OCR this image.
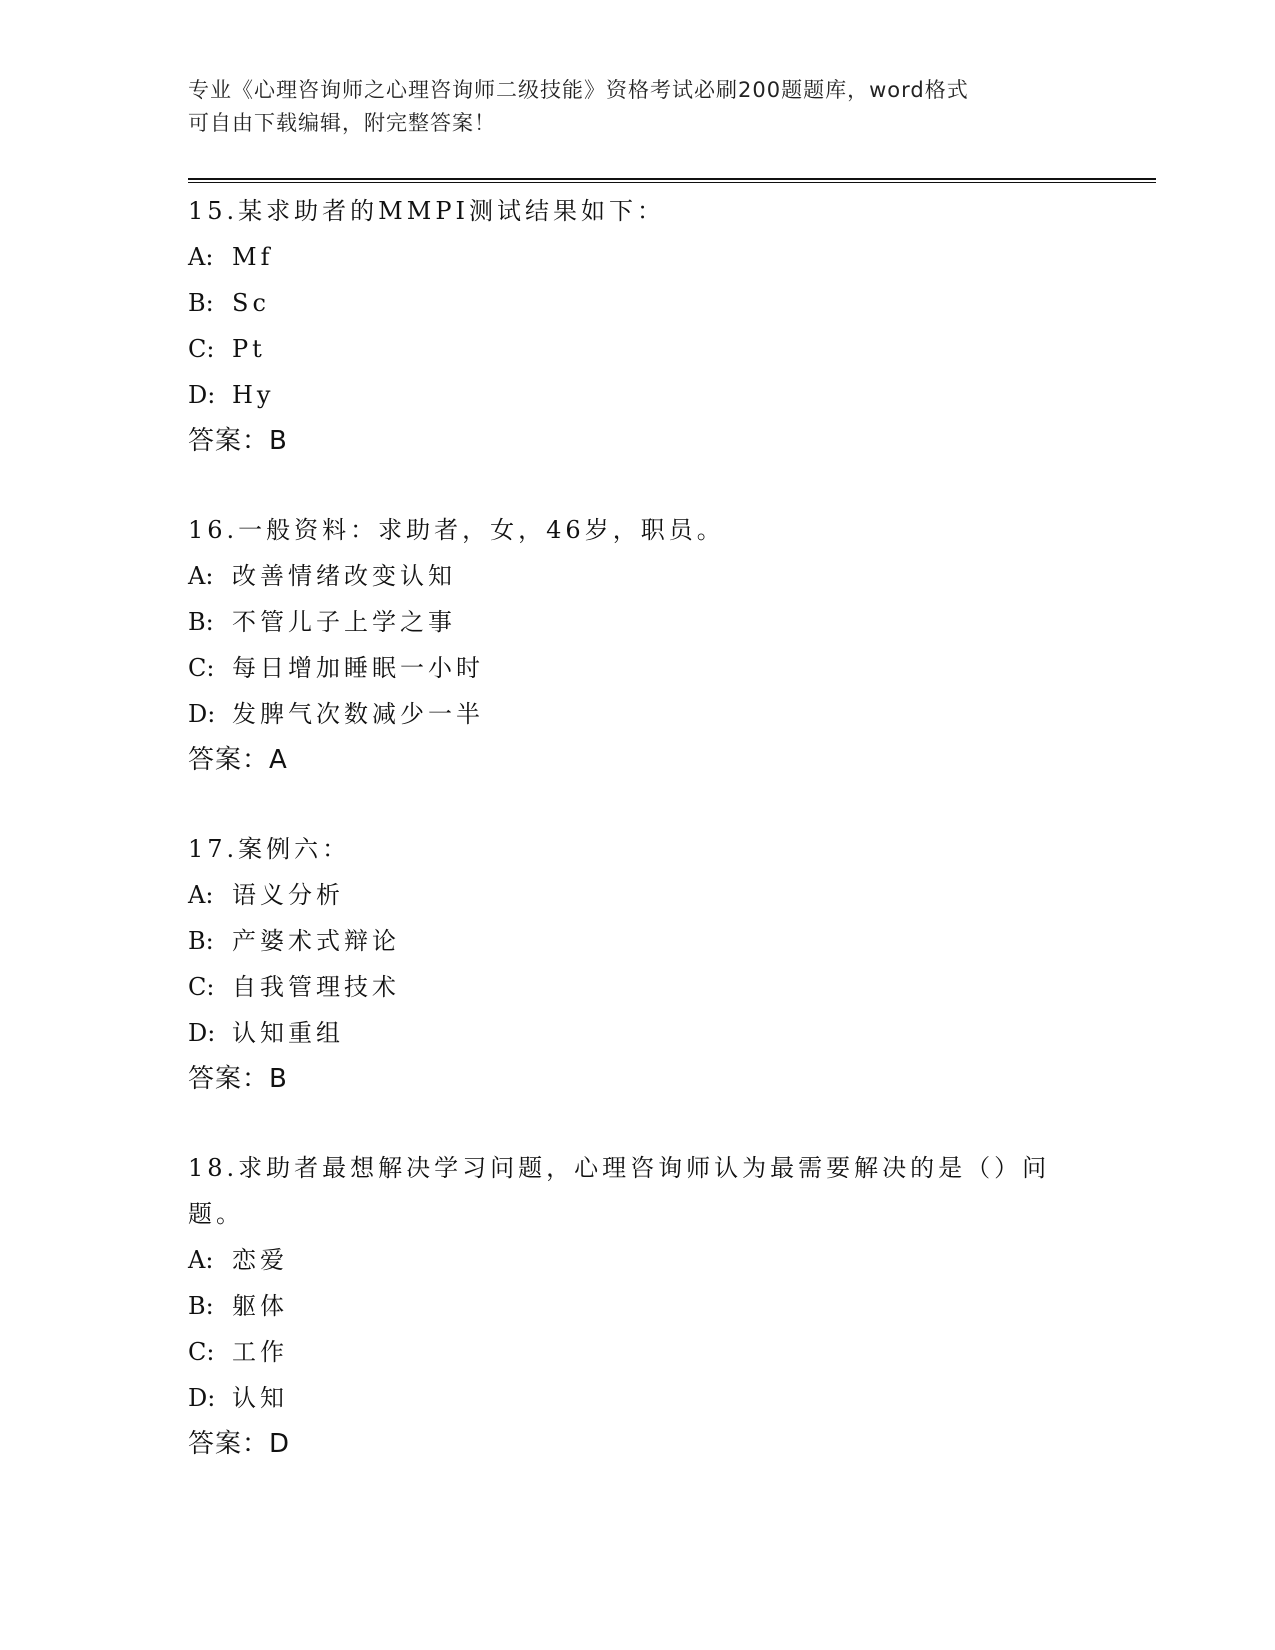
专业《心理咨询师之心理咨询师二级技能》资格考试必刷200题题库，word格式
可自由下载编辑，附完整答案！

15.某求助者的MMPI测试结果如下：

A: Mf

B: Sc

C: Pt

D: Hy

答案：B

16.一般资料：求助者，女，46岁，职员。

A: 改善情绪改变认知

B: 不管儿子上学之事

C: 每日增加睡眠一小时

D: 发脾气次数减少一半

答案：A

17.案例六：

A: 语义分析

B: 产婆术式辩论

C: 自我管理技术

D: 认知重组

答案：B

18.求助者最想解决学习问题，心理咨询师认为最需要解决的是（）问题。

A: 恋爱

B: 躯体

C: 工作

D: 认知

答案：D
